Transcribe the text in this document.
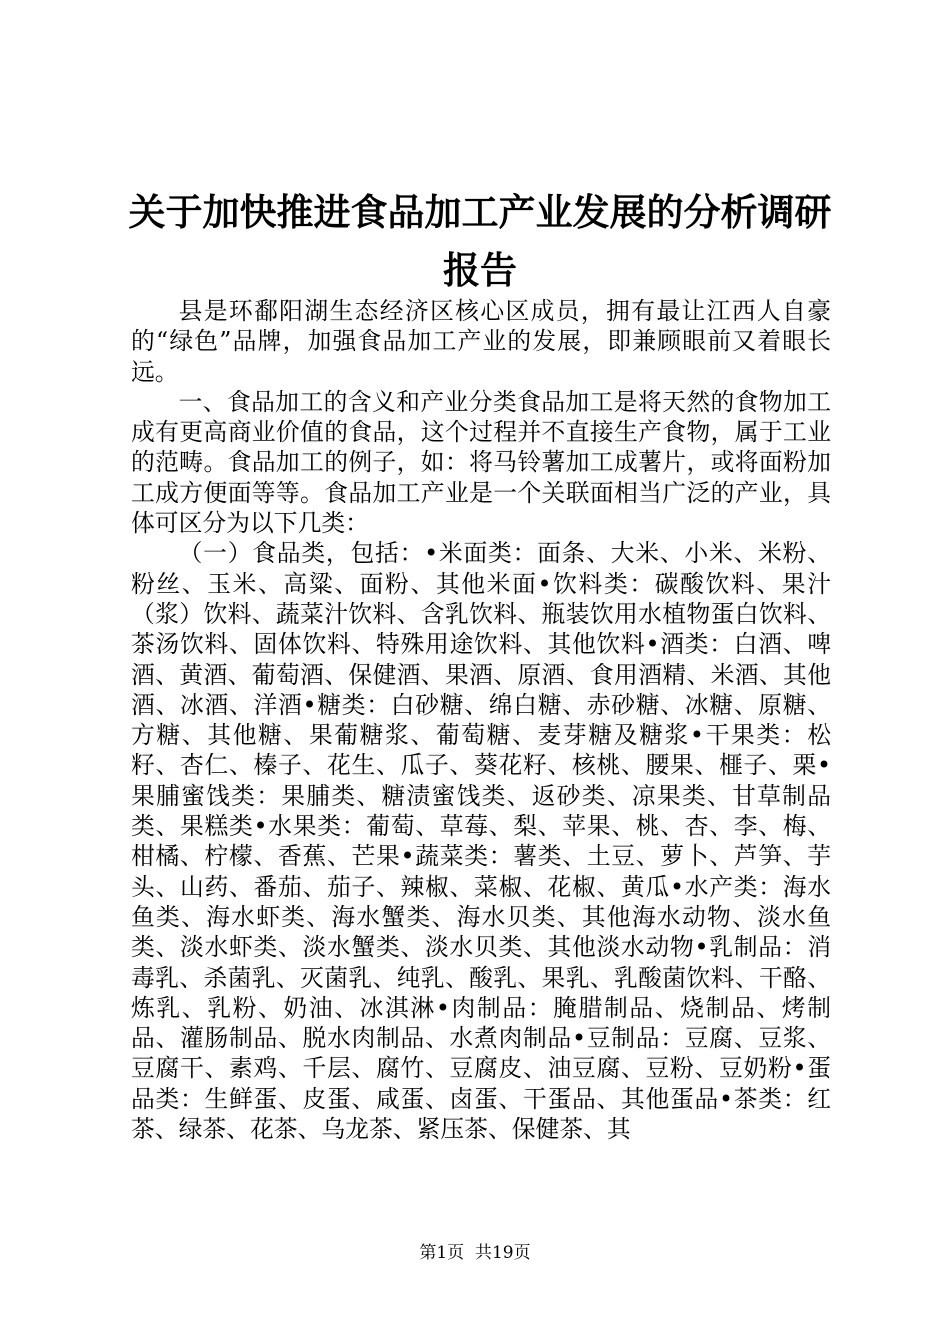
关于加快推进食品加工产业发展的分析调研报告

县是环鄱阳湖生态经济区核心区成员，拥有最让江西人自豪的“绿色”品牌，加强食品加工产业的发展，即兼顾眼前又着眼长远。

一、食品加工的含义和产业分类食品加工是将天然的食物加工成有更高商业价值的食品，这个过程并不直接生产食物，属于工业的范畴。食品加工的例子，如：将马铃薯加工成薯片，或将面粉加工成方便面等等。食品加工产业是一个关联面相当广泛的产业，具体可区分为以下几类：

（一）食品类，包括：•米面类：面条、大米、小米、米粉、粉丝、玉米、高粱、面粉、其他米面•饮料类：碳酸饮料、果汁（浆）饮料、蔬菜汁饮料、含乳饮料、瓶装饮用水植物蛋白饮料、茶汤饮料、固体饮料、特殊用途饮料、其他饮料•酒类：白酒、啤酒、黄酒、葡萄酒、保健酒、果酒、原酒、食用酒精、米酒、其他酒、冰酒、洋酒•糖类：白砂糖、绵白糖、赤砂糖、冰糖、原糖、方糖、其他糖、果葡糖浆、葡萄糖、麦芽糖及糖浆•干果类：松籽、杏仁、榛子、花生、瓜子、葵花籽、核桃、腰果、榧子、栗•果脯蜜饯类：果脯类、糖渍蜜饯类、返砂类、凉果类、甘草制品类、果糕类•水果类：葡萄、草莓、梨、苹果、桃、杏、李、梅、柑橘、柠檬、香蕉、芒果•蔬菜类：薯类、土豆、萝卜、芦笋、芋头、山药、番茄、茄子、辣椒、菜椒、花椒、黄瓜•水产类：海水鱼类、海水虾类、海水蟹类、海水贝类、其他海水动物、淡水鱼类、淡水虾类、淡水蟹类、淡水贝类、其他淡水动物•乳制品：消毒乳、杀菌乳、灭菌乳、纯乳、酸乳、果乳、乳酸菌饮料、干酪、炼乳、乳粉、奶油、冰淇淋•肉制品：腌腊制品、烧制品、烤制品、灌肠制品、脱水肉制品、水煮肉制品•豆制品：豆腐、豆浆、豆腐干、素鸡、千层、腐竹、豆腐皮、油豆腐、豆粉、豆奶粉•蛋品类：生鲜蛋、皮蛋、咸蛋、卤蛋、干蛋品、其他蛋品•茶类：红茶、绿茶、花茶、乌龙茶、紧压茶、保健茶、其

第1页  共19页
